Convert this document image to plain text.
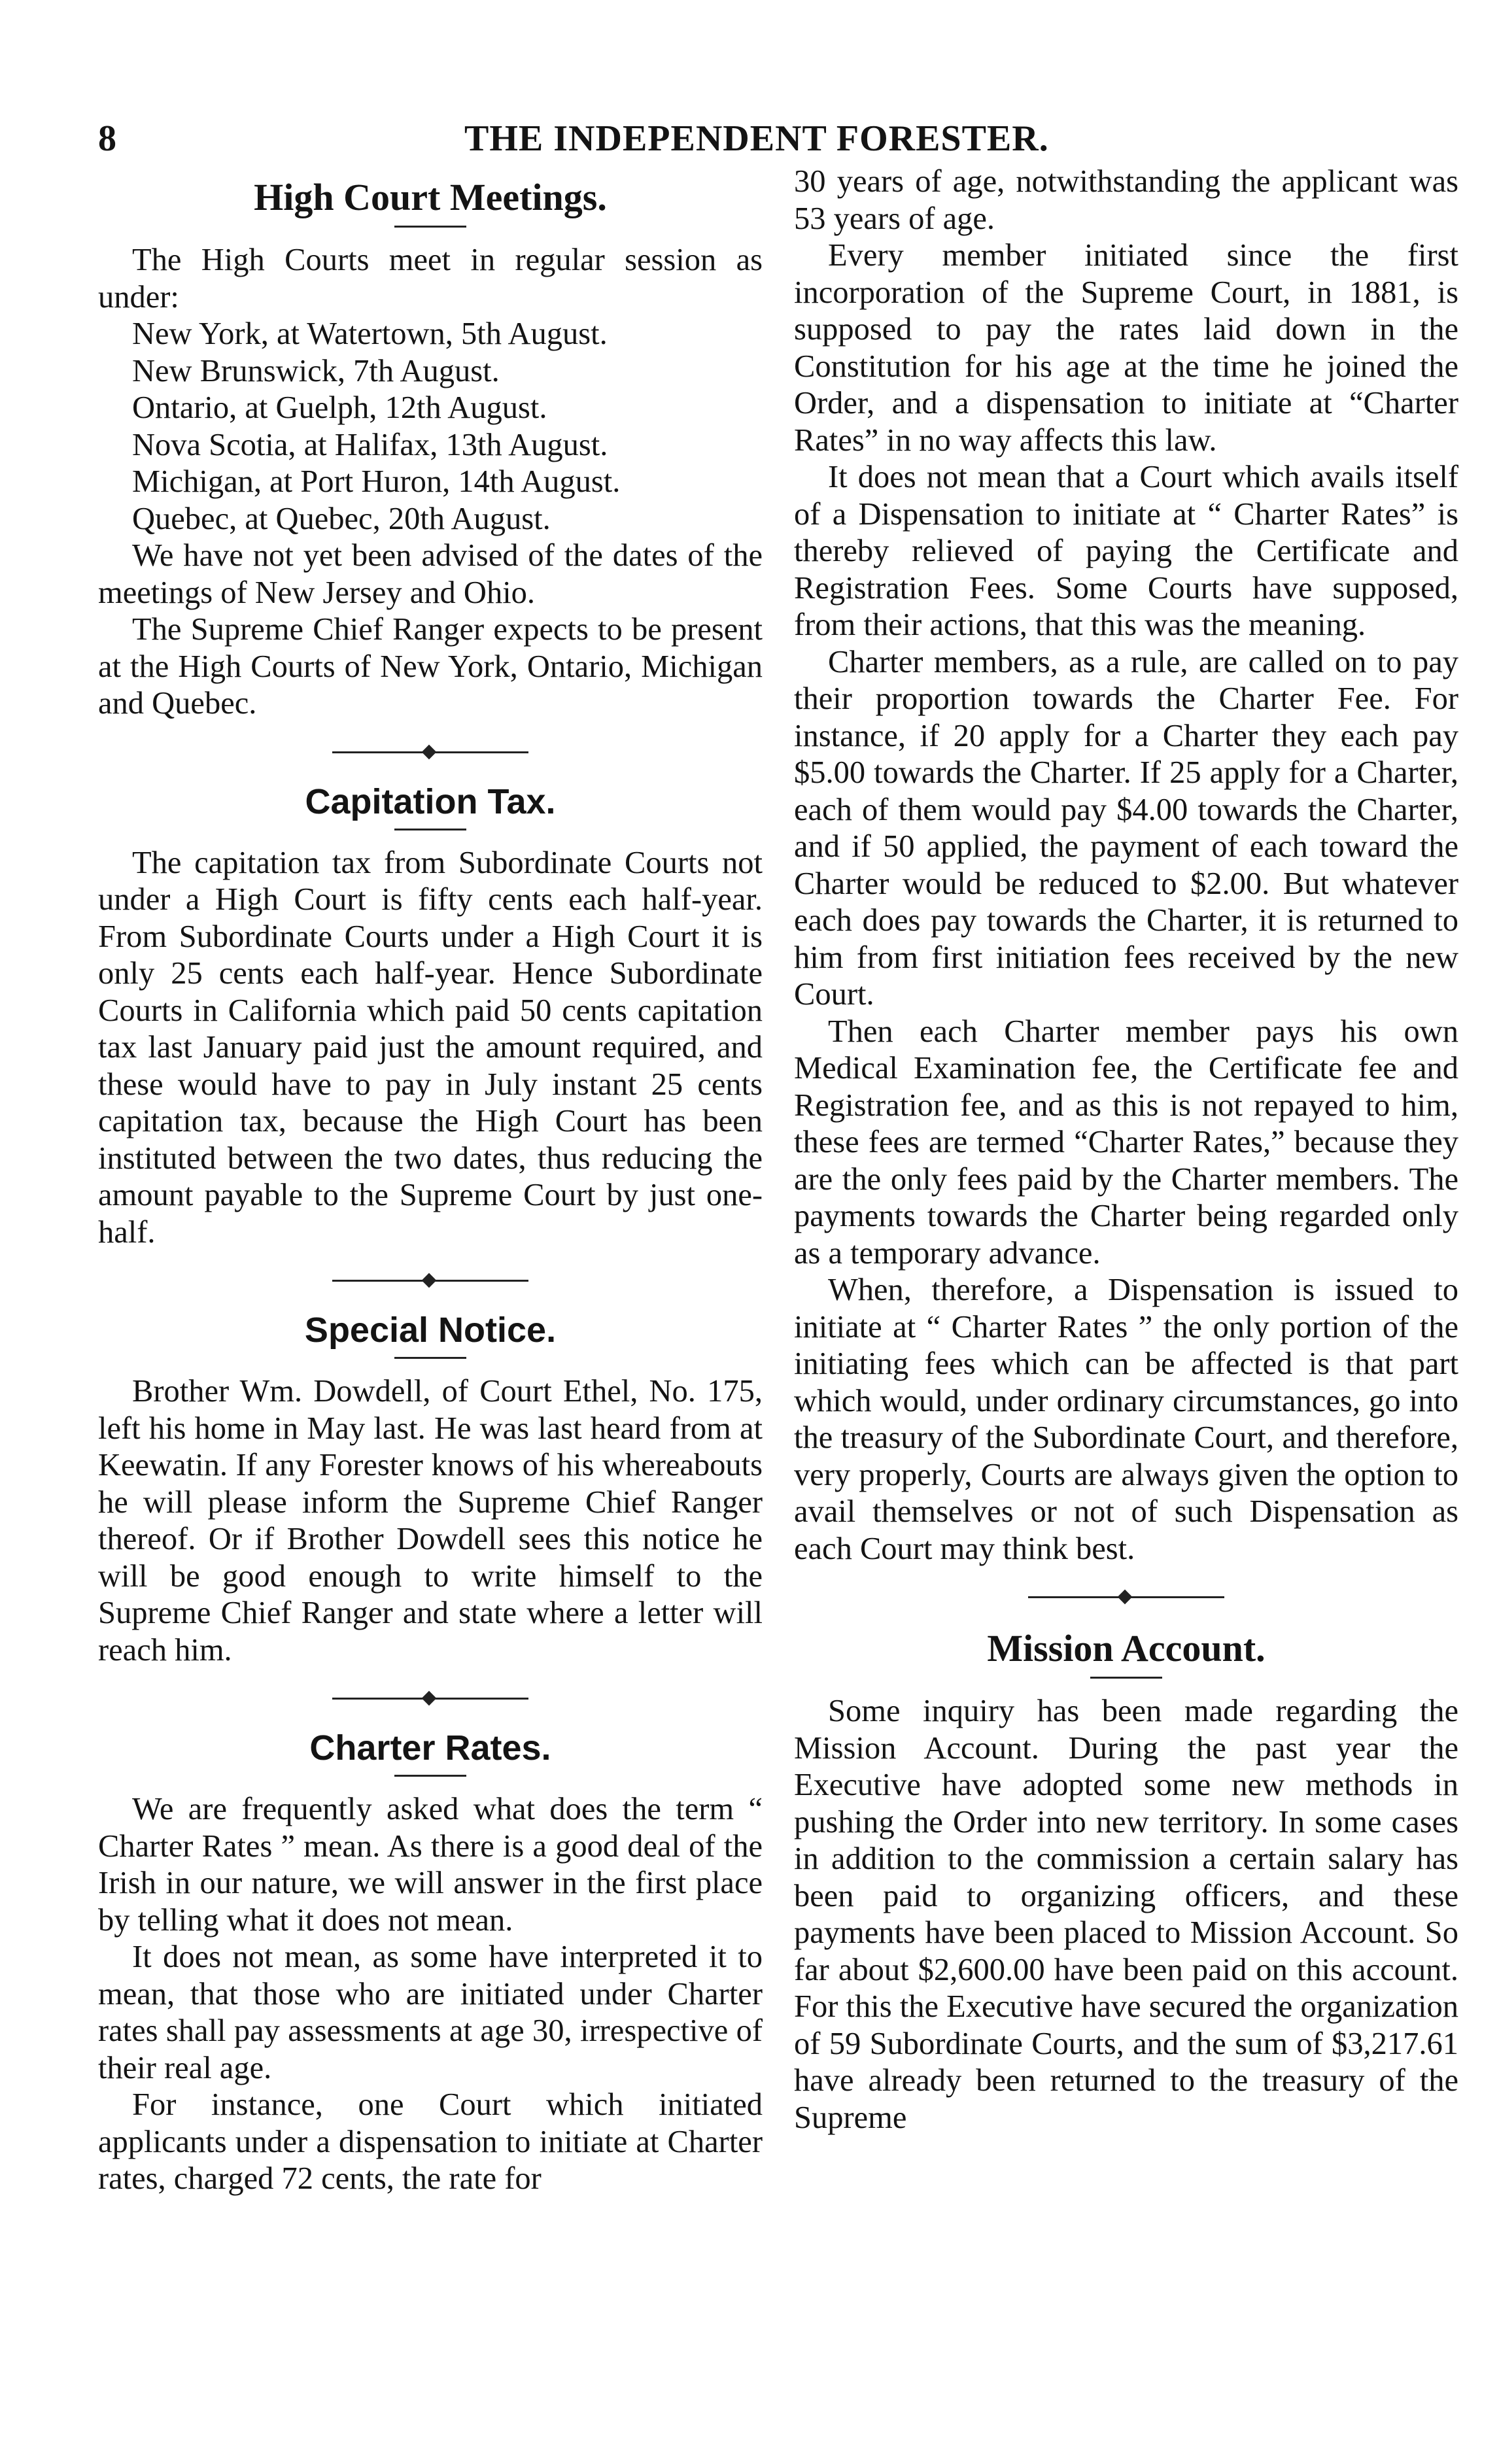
8	THE INDEPENDENT FORESTER.
High Court Meetings.

The High Courts meet in regular session as under:

New York, at Watertown, 5th August.
New Brunswick, 7th August.
Ontario, at Guelph, 12th August.
Nova Scotia, at Halifax, 13th August.
Michigan, at Port Huron, 14th August.
Quebec, at Quebec, 20th August.

We have not yet been advised of the dates of the meetings of New Jersey and Ohio.

The Supreme Chief Ranger expects to be present at the High Courts of New York, Ontario, Michigan and Quebec.

Capitation Tax.

The capitation tax from Subordinate Courts not under a High Court is fifty cents each half-year. From Subordinate Courts under a High Court it is only 25 cents each half-year. Hence Subordinate Courts in California which paid 50 cents capitation tax last January paid just the amount required, and these would have to pay in July instant 25 cents capitation tax, because the High Court has been instituted between the two dates, thus reducing the amount payable to the Supreme Court by just one-half.

Special Notice.

Brother Wm. Dowdell, of Court Ethel, No. 175, left his home in May last. He was last heard from at Keewatin. If any Forester knows of his whereabouts he will please inform the Supreme Chief Ranger thereof. Or if Brother Dowdell sees this notice he will be good enough to write himself to the Supreme Chief Ranger and state where a letter will reach him.

Charter Rates.

We are frequently asked what does the term “ Charter Rates ” mean. As there is a good deal of the Irish in our nature, we will answer in the first place by telling what it does not mean.

It does not mean, as some have interpreted it to mean, that those who are initiated under Charter rates shall pay assessments at age 30, irrespective of their real age.

For instance, one Court which initiated applicants under a dispensation to initiate at Charter rates, charged 72 cents, the rate for

30 years of age, notwithstanding the applicant was 53 years of age.

Every member initiated since the first incorporation of the Supreme Court, in 1881, is supposed to pay the rates laid down in the Constitution for his age at the time he joined the Order, and a dispensation to initiate at “Charter Rates” in no way affects this law.

It does not mean that a Court which avails itself of a Dispensation to initiate at “ Charter Rates” is thereby relieved of paying the Certificate and Registration Fees. Some Courts have supposed, from their actions, that this was the meaning.

Charter members, as a rule, are called on to pay their proportion towards the Charter Fee. For instance, if 20 apply for a Charter they each pay $5.00 towards the Charter. If 25 apply for a Charter, each of them would pay $4.00 towards the Charter, and if 50 applied, the payment of each toward the Charter would be reduced to $2.00. But whatever each does pay towards the Charter, it is returned to him from first initiation fees received by the new Court.

Then each Charter member pays his own Medical Examination fee, the Certificate fee and Registration fee, and as this is not repayed to him, these fees are termed “Charter Rates,” because they are the only fees paid by the Charter members. The payments towards the Charter being regarded only as a temporary advance.

When, therefore, a Dispensation is issued to initiate at “ Charter Rates ” the only portion of the initiating fees which can be affected is that part which would, under ordinary circumstances, go into the treasury of the Subordinate Court, and therefore, very properly, Courts are always given the option to avail themselves or not of such Dispensation as each Court may think best.

Mission Account.

Some inquiry has been made regarding the Mission Account. During the past year the Executive have adopted some new methods in pushing the Order into new territory. In some cases in addition to the commission a certain salary has been paid to organizing officers, and these payments have been placed to Mission Account. So far about $2,600.00 have been paid on this account. For this the Executive have secured the organization of 59 Subordinate Courts, and the sum of $3,217.61 have already been returned to the treasury of the Supreme
